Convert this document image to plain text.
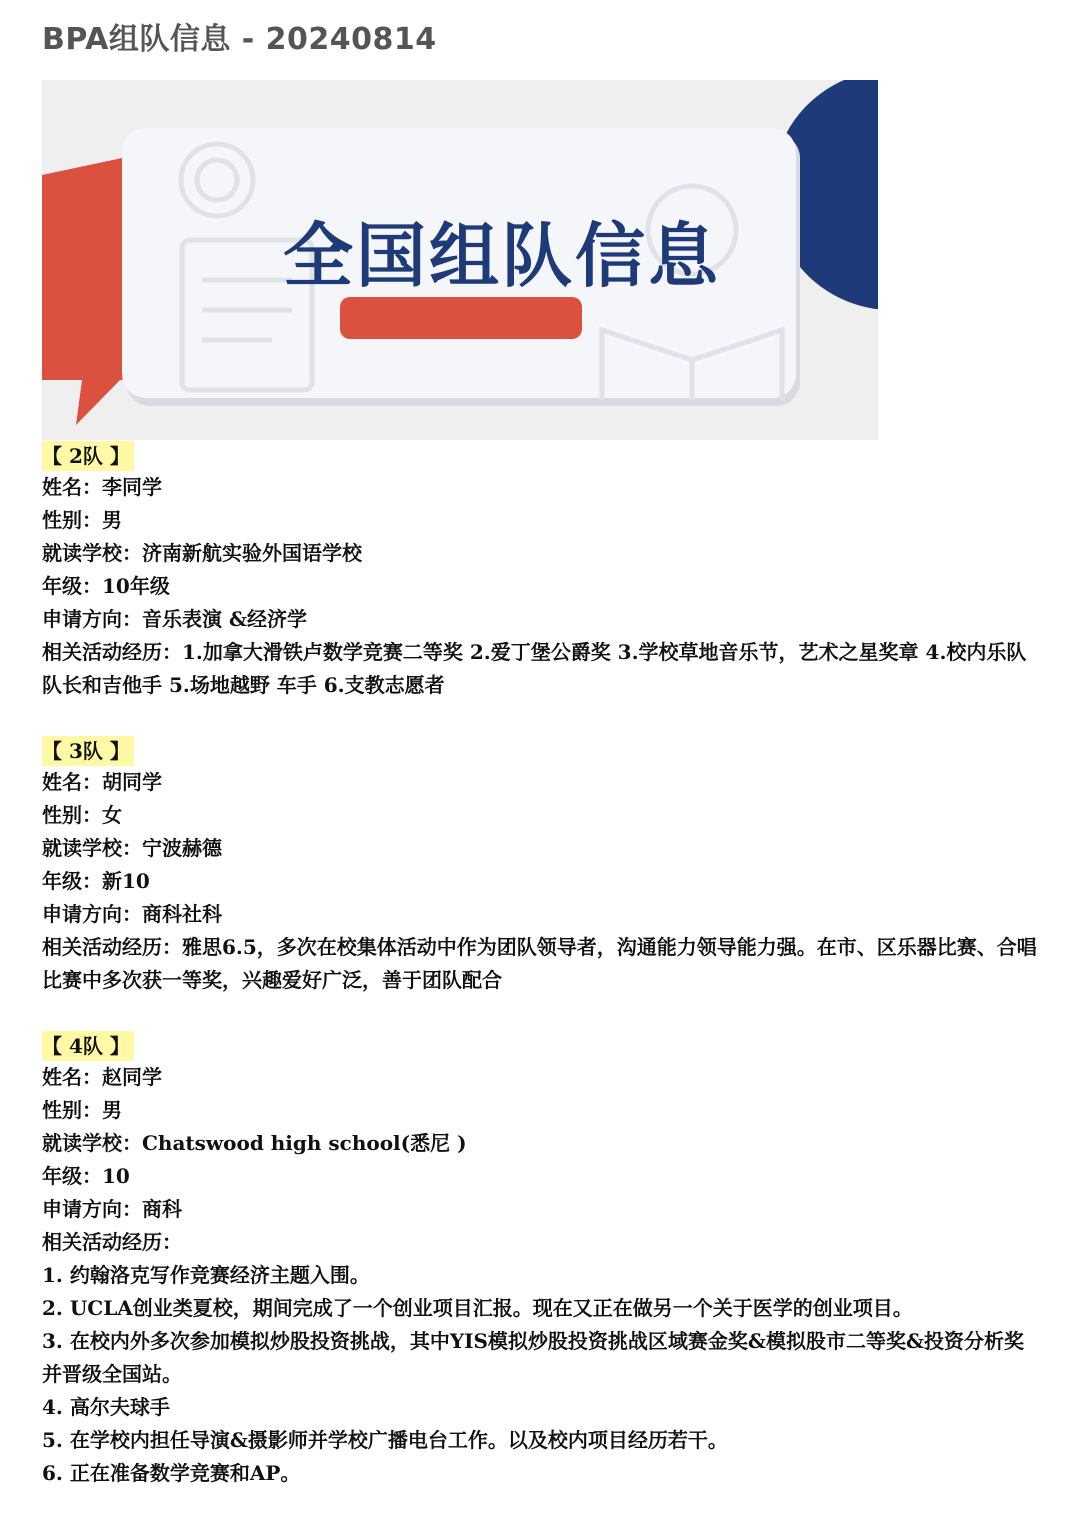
BPA组队信息 - 20240814
全国组队信息
【 2队 】
姓名：李同学
性别：男
就读学校：济南新航实验外国语学校
年级：10年级
申请方向：音乐表演 &经济学
相关活动经历：1.加拿大滑铁卢数学竞赛二等奖 2.爱丁堡公爵奖 3.学校草地音乐节，艺术之星奖章 4.校内乐队 队长和吉他手 5.场地越野 车手 6.支教志愿者
【 3队 】
姓名：胡同学
性别：女
就读学校：宁波赫德
年级：新10
申请方向：商科社科
相关活动经历：雅思6.5，多次在校集体活动中作为团队领导者，沟通能力领导能力强。在市、区乐器比赛、合唱比赛中多次获一等奖，兴趣爱好广泛，善于团队配合
【 4队 】
姓名：赵同学
性别：男
就读学校：Chatswood high school(悉尼 )
年级：10
申请方向：商科
相关活动经历：
1. 约翰洛克写作竞赛经济主题入围。
2. UCLA创业类夏校，期间完成了一个创业项目汇报。现在又正在做另一个关于医学的创业项目。
3. 在校内外多次参加模拟炒股投资挑战，其中YIS模拟炒股投资挑战区域赛金奖&模拟股市二等奖&投资分析奖并晋级全国站。
4. 高尔夫球手
5. 在学校内担任导演&摄影师并学校广播电台工作。以及校内项目经历若干。
6. 正在准备数学竞赛和AP。
